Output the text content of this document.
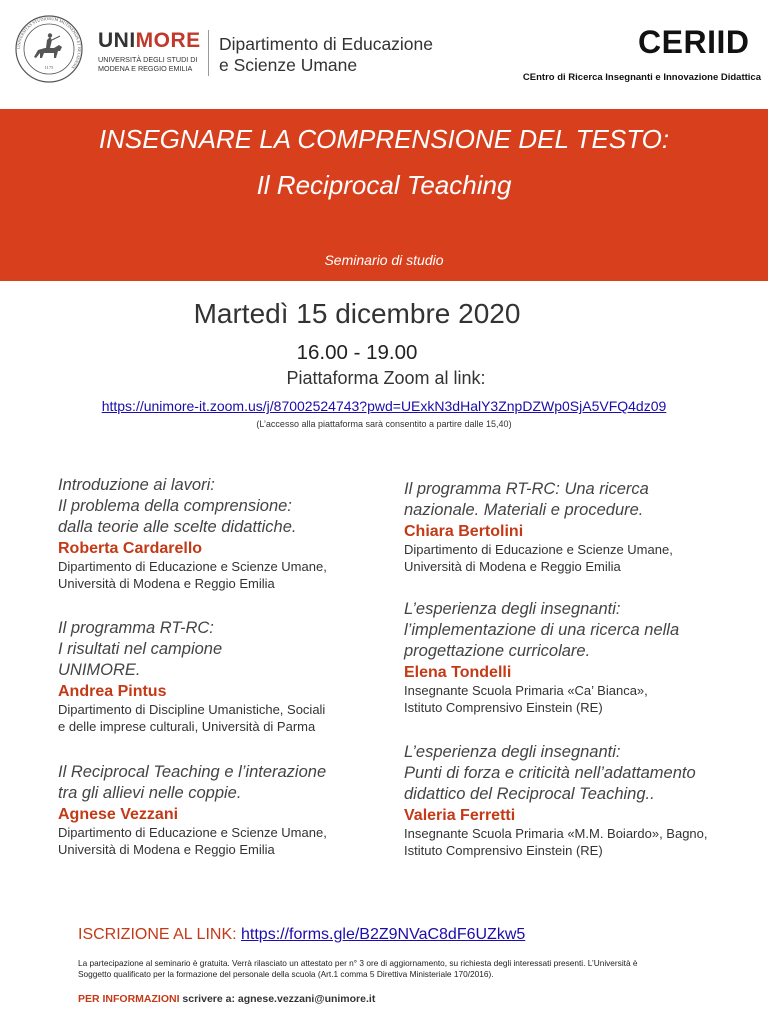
UNIVERSITAS STUDIORUM MUTINENSIS ET REGIENSIS
1175
UNIMORE
UNIVERSITÀ DEGLI STUDI DI
MODENA E REGGIO EMILIA
Dipartimento di Educazione
e Scienze Umane
CERIID
CEntro di Ricerca Insegnanti e Innovazione Didattica
INSEGNARE LA COMPRENSIONE DEL TESTO:
Il Reciprocal Teaching
Seminario di studio
Martedì 15 dicembre 2020
16.00 - 19.00
Piattaforma Zoom al link:
https://unimore-it.zoom.us/j/87002524743?pwd=UExkN3dHalY3ZnpDZWp0SjA5VFQ4dz09
(L’accesso alla piattaforma sarà consentito a partire dalle 15,40)
Introduzione ai lavori:
Il problema della comprensione:
dalla teorie alle scelte didattiche.
Roberta Cardarello
Dipartimento di Educazione e Scienze Umane,
Università di Modena e Reggio Emilia
Il programma RT-RC:
I risultati nel campione
UNIMORE.
Andrea Pintus
Dipartimento di Discipline Umanistiche, Sociali
e delle imprese culturali, Università di Parma
Il Reciprocal Teaching e l’interazione
tra gli allievi nelle coppie.
Agnese Vezzani
Dipartimento di Educazione e Scienze Umane,
Università di Modena e Reggio Emilia
Il programma RT-RC: Una ricerca
nazionale. Materiali e procedure.
Chiara Bertolini
Dipartimento di Educazione e Scienze Umane,
Università di Modena e Reggio Emilia
L’esperienza degli insegnanti:
l’implementazione di una ricerca nella
progettazione curricolare.
Elena Tondelli
Insegnante Scuola Primaria «Ca’ Bianca»,
Istituto Comprensivo Einstein (RE)
L’esperienza degli insegnanti:
Punti di forza e criticità nell’adattamento
didattico del Reciprocal Teaching..
Valeria Ferretti
Insegnante Scuola Primaria «M.M. Boiardo», Bagno,
Istituto Comprensivo Einstein (RE)
ISCRIZIONE AL LINK: https://forms.gle/B2Z9NVaC8dF6UZkw5
La partecipazione al seminario è gratuita. Verrà rilasciato un attestato per n° 3 ore di aggiornamento, su richiesta degli interessati presenti. L’Università è
Soggetto qualificato per la formazione del personale della scuola (Art.1 comma 5 Direttiva Ministeriale 170/2016).
PER INFORMAZIONI scrivere a: agnese.vezzani@unimore.it
